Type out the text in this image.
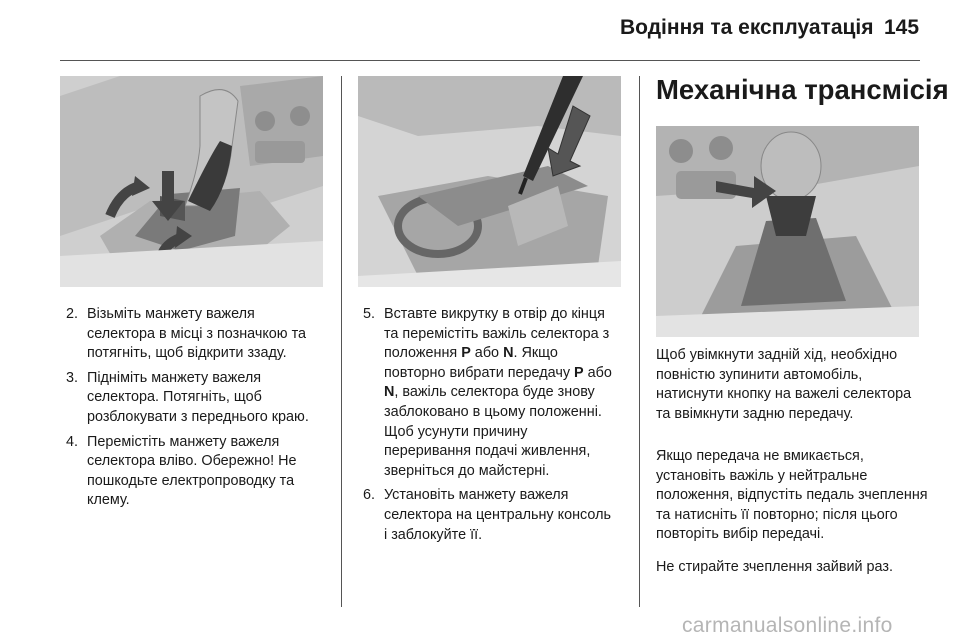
Водіння та експлуатація 145
2. Візьміть манжету важеля селектора в місці з позначкою та потягніть, щоб відкрити ззаду.
3. Підніміть манжету важеля селектора. Потягніть, щоб розблокувати з переднього краю.
4. Перемістіть манжету важеля селектора вліво. Обережно! Не пошкодьте електропроводку та клему.
5. Вставте викрутку в отвір до кінця та перемістіть важіль селектора з положення P або N. Якщо повторно вибрати передачу P або N, важіль селектора буде знову заблоковано в цьому положенні. Щоб усунути причину переривання подачі живлення, зверніться до майстерні.
6. Установіть манжету важеля селектора на центральну консоль і заблокуйте її.
Механічна трансмісія

Щоб увімкнути задній хід, необхідно повністю зупинити автомобіль, натиснути кнопку на важелі селектора та ввімкнути задню передачу.

Якщо передача не вмикається, установіть важіль у нейтральне положення, відпустіть педаль зчеплення та натисніть її повторно; після цього повторіть вибір передачі.

Не стирайте зчеплення зайвий раз.

carmanualsonline.info
